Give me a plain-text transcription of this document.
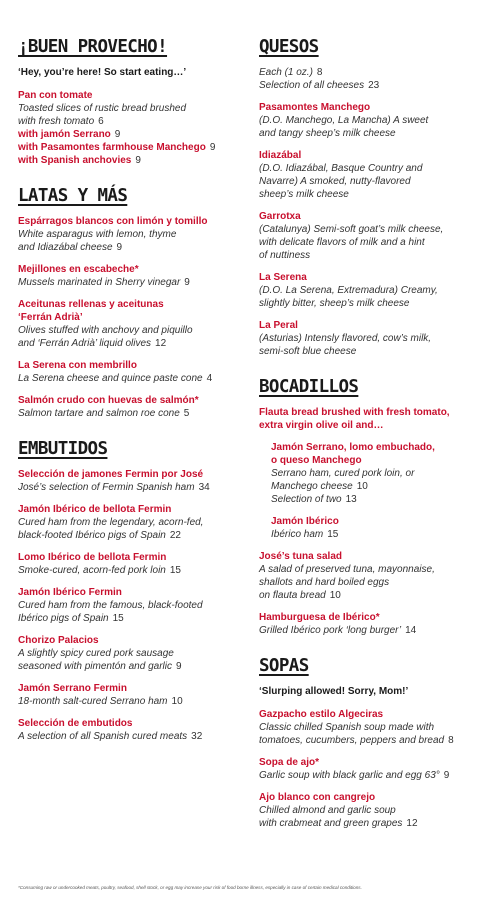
¡BUEN PROVECHO!
‘Hey, you’re here! So start eating…’
Pan con tomate
Toasted slices of rustic bread brushed
with fresh tomato 6
with jamón Serrano 9
with Pasamontes farmhouse Manchego 9
with Spanish anchovies 9
LATAS Y MÁS
Espárragos blancos con limón y tomillo
White asparagus with lemon, thyme
and Idiazábal cheese 9
Mejillones en escabeche*
Mussels marinated in Sherry vinegar 9
Aceitunas rellenas y aceitunas
‘Ferrán Adrià’
Olives stuffed with anchovy and piquillo
and ‘Ferrán Adrià’ liquid olives 12
La Serena con membrillo
La Serena cheese and quince paste cone 4
Salmón crudo con huevas de salmón*
Salmon tartare and salmon roe cone 5
EMBUTIDOS
Selección de jamones Fermin por José
José’s selection of Fermin Spanish ham 34
Jamón Ibérico de bellota Fermin
Cured ham from the legendary, acorn-fed,
black-footed Ibérico pigs of Spain 22
Lomo Ibérico de bellota Fermin
Smoke-cured, acorn-fed pork loin 15
Jamón Ibérico Fermin
Cured ham from the famous, black-footed
Ibérico pigs of Spain 15
Chorizo Palacios
A slightly spicy cured pork sausage
seasoned with pimentón and garlic 9
Jamón Serrano Fermin
18-month salt-cured Serrano ham 10
Selección de embutidos
A selection of all Spanish cured meats 32
QUESOS
Each (1 oz.) 8
Selection of all cheeses 23
Pasamontes Manchego
(D.O. Manchego, La Mancha) A sweet
and tangy sheep’s milk cheese
Idiazábal
(D.O. Idiazábal, Basque Country and
Navarre) A smoked, nutty-flavored
sheep’s milk cheese
Garrotxa
(Catalunya) Semi-soft goat’s milk cheese,
with delicate flavors of milk and a hint
of nuttiness
La Serena
(D.O. La Serena, Extremadura) Creamy,
slightly bitter, sheep’s milk cheese
La Peral
(Asturias) Intensly flavored, cow’s milk,
semi-soft blue cheese
BOCADILLOS
Flauta bread brushed with fresh tomato,
extra virgin olive oil and…
Jamón Serrano, lomo embuchado,
o queso Manchego
Serrano ham, cured pork loin, or
Manchego cheese 10
Selection of two 13
Jamón Ibérico
Ibérico ham 15
José’s tuna salad
A salad of preserved tuna, mayonnaise,
shallots and hard boiled eggs
on flauta bread 10
Hamburguesa de Ibérico*
Grilled Ibérico pork ‘long burger’ 14
SOPAS
‘Slurping allowed! Sorry, Mom!’
Gazpacho estilo Algeciras
Classic chilled Spanish soup made with
tomatoes, cucumbers, peppers and bread 8
Sopa de ajo*
Garlic soup with black garlic and egg 63° 9
Ajo blanco con cangrejo
Chilled almond and garlic soup
with crabmeat and green grapes 12
*Consuming raw or undercooked meats, poultry, seafood, shell stock, or egg may increase your risk of food borne illness, especially in case of certain medical conditions.
